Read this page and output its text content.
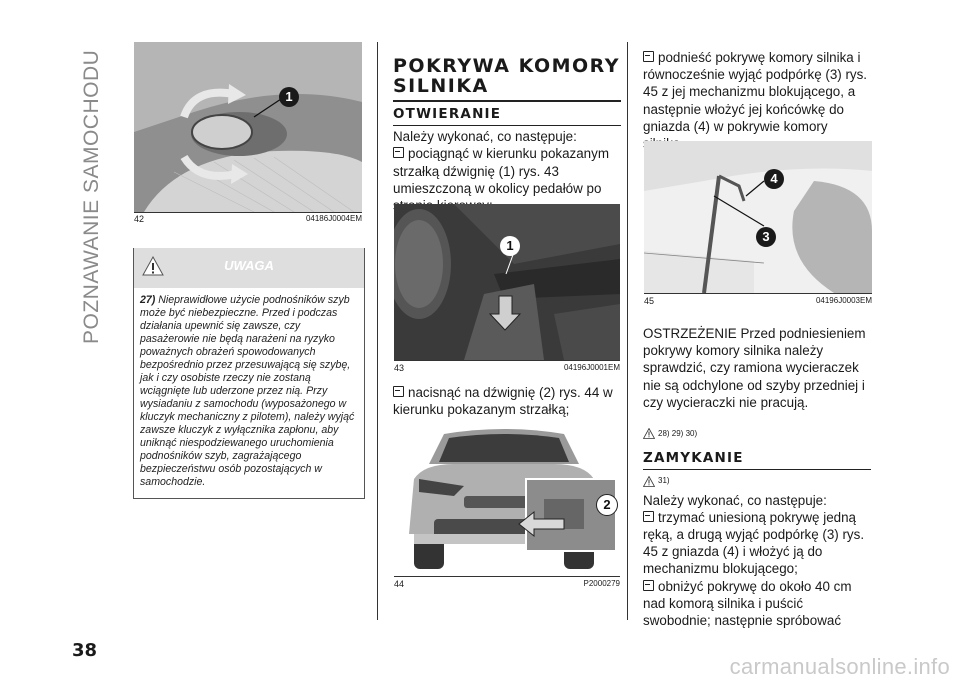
POZNAWANIE SAMOCHODU
38
1
42	04186J0004EM
UWAGA
27) Nieprawidłowe użycie podnośników szyb może być niebezpieczne. Przed i podczas działania upewnić się zawsze, czy pasażerowie nie będą narażeni na ryzyko poważnych obrażeń spowodowanych bezpośrednio przez przesuwającą się szybę, jak i czy osobiste rzeczy nie zostaną wciągnięte lub uderzone przez nią. Przy wysiadaniu z samochodu (wyposażonego w kluczyk mechaniczny z pilotem), należy wyjąć zawsze kluczyk z wyłącznika zapłonu, aby uniknąć niespodziewanego uruchomienia podnośników szyb, zagrażającego bezpieczeństwu osób pozostających w samochodzie.
POKRYWA KOMORY SILNIKA
OTWIERANIE
Należy wykonać, co następuje:
pociągnąć w kierunku pokazanym strzałką dźwignię (1) rys. 43 umieszczoną w okolicy pedałów po
1
43	04196J0001EM
nacisnąć na dźwignię (2) rys. 44 w kierunku pokazanym strzałką;
2
44	P2000279
podnieść pokrywę komory silnika i równocześnie wyjąć podpórkę (3) rys. 45 z jej mechanizmu blokującego, a następnie włożyć jej końcówkę do gniazda (4) w pokrywie komory
4
3
45	04196J0003EM
OSTRZEŻENIE Przed podniesieniem pokrywy komory silnika należy sprawdzić, czy ramiona wycieraczek nie są odchylone od szyby przedniej i czy wycieraczki nie pracują.
28) 29) 30)
ZAMYKANIE
31)
Należy wykonać, co następuje:
trzymać uniesioną pokrywę jedną ręką, a drugą wyjąć podpórkę (3) rys. 45 z gniazda (4) i włożyć ją do mechanizmu blokującego;
obniżyć pokrywę do około 40 cm nad komorą silnika i puścić swobodnie; następnie spróbować
carmanualsonline.info
